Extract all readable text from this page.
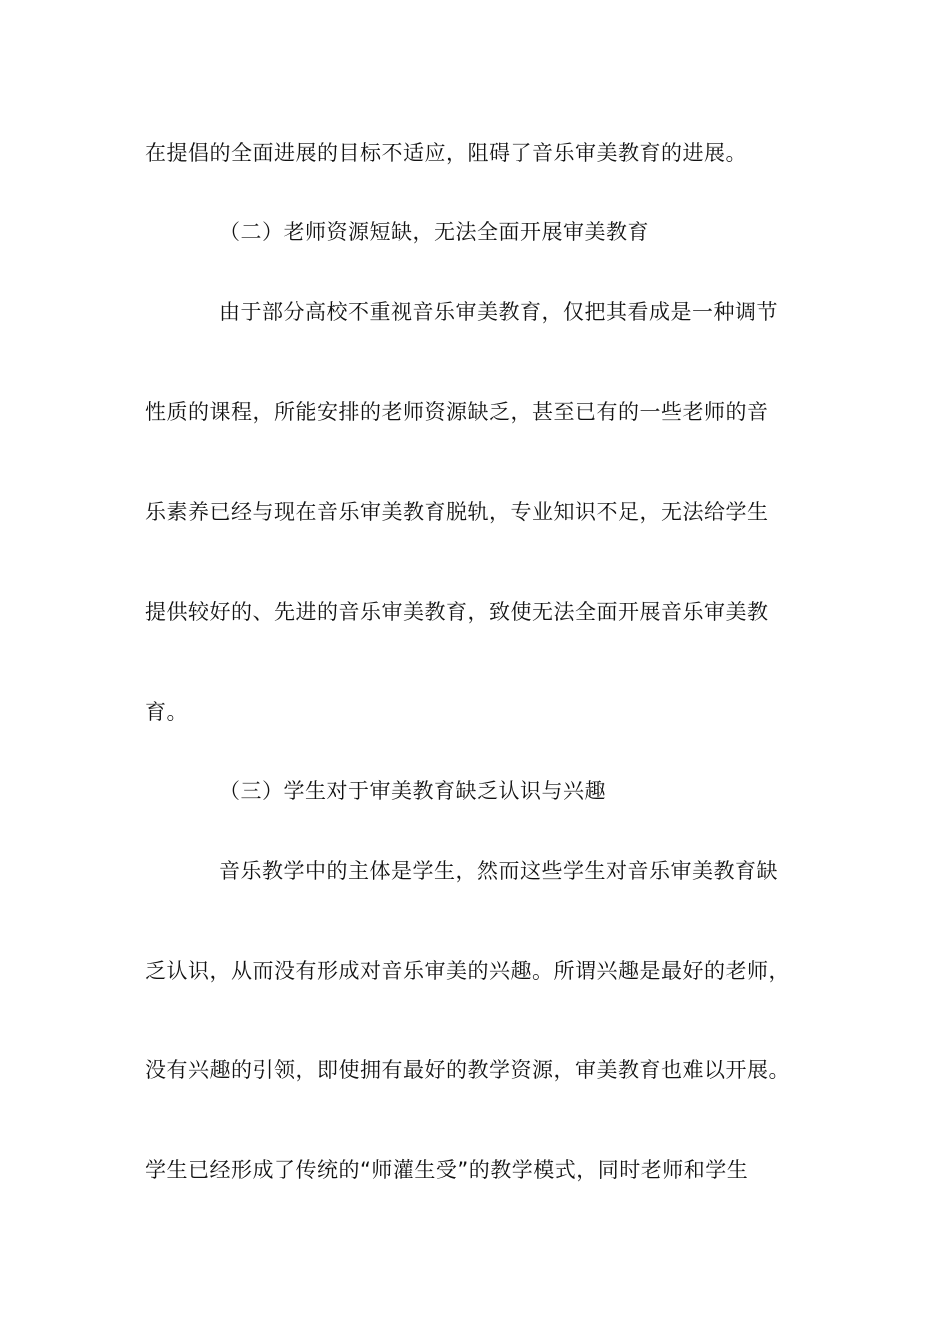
在提倡的全面进展的目标不适应，阻碍了音乐审美教育的进展。
（二）老师资源短缺，无法全面开展审美教育
由于部分高校不重视音乐审美教育，仅把其看成是一种调节
性质的课程，所能安排的老师资源缺乏，甚至已有的一些老师的音
乐素养已经与现在音乐审美教育脱轨，专业知识不足，无法给学生
提供较好的、先进的音乐审美教育，致使无法全面开展音乐审美教
育。
（三）学生对于审美教育缺乏认识与兴趣
音乐教学中的主体是学生，然而这些学生对音乐审美教育缺
乏认识，从而没有形成对音乐审美的兴趣。所谓兴趣是最好的老师，
没有兴趣的引领，即使拥有最好的教学资源，审美教育也难以开展。
学生已经形成了传统的“师灌生受”的教学模式，同时老师和学生
